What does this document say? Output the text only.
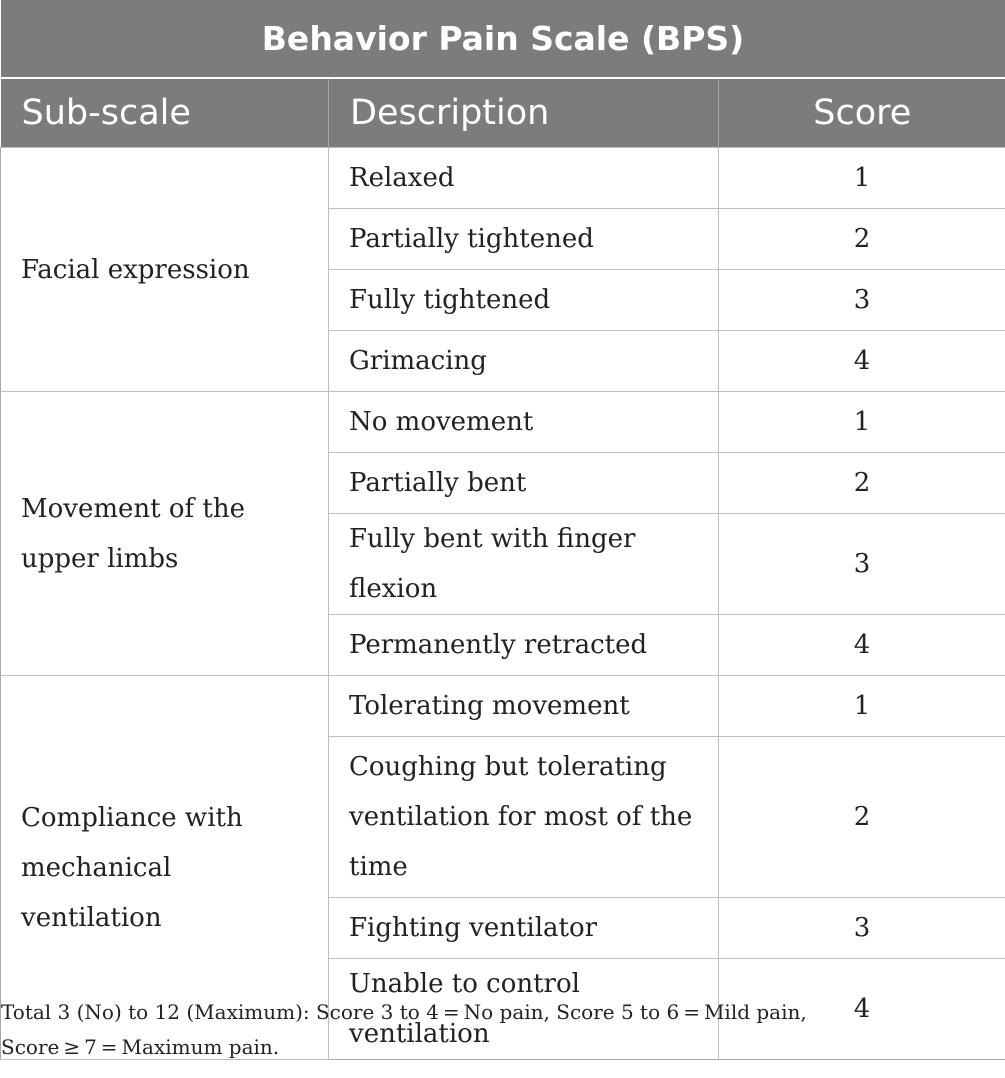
Behavior Pain Scale (BPS)		
Sub-scale	Description	Score
Facial expression	Relaxed	1
	Partially tightened	2
	Fully tightened	3
	Grimacing	4
Movement of the upper limbs	No movement	1
	Partially bent	2
	Fully bent with finger flexion	3
	Permanently retracted	4
Compliance with mechanical ventilation	Tolerating movement	1
	Coughing but tolerating ventilation for most of the time	2
	Fighting ventilator	3
	Unable to control ventilation	4
Total 3 (No) to 12 (Maximum): Score 3 to 4 = No pain, Score 5 to 6 = Mild pain,
Score ≥ 7 = Maximum pain.
